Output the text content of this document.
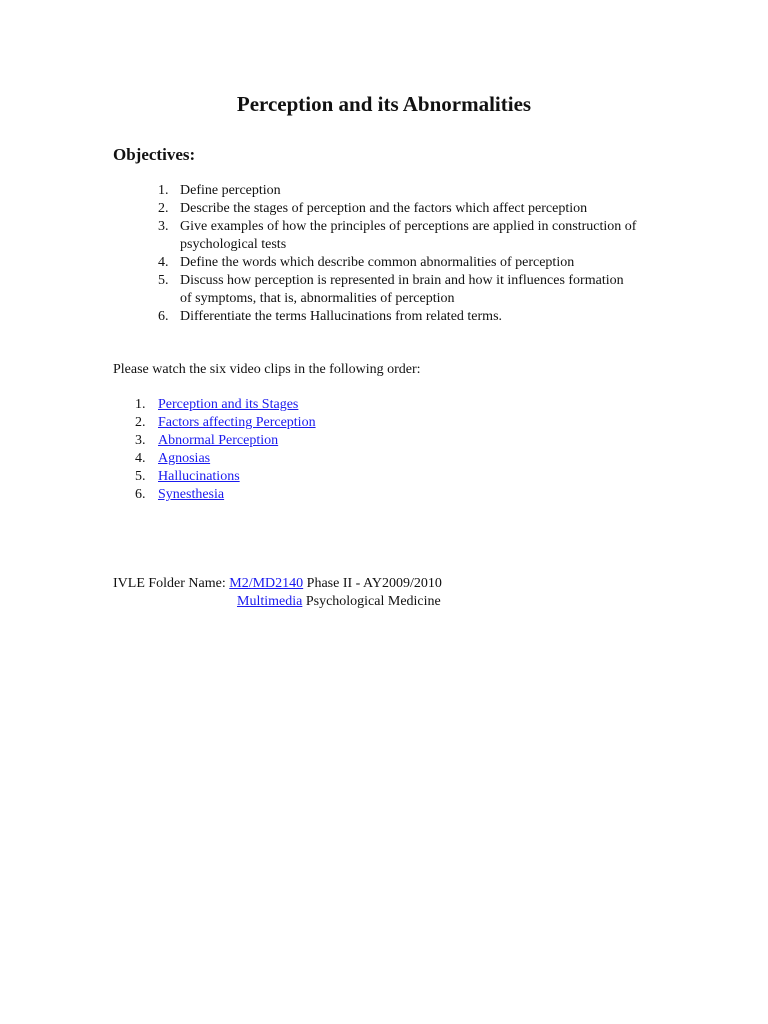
Perception and its Abnormalities
Objectives:
1. Define perception
2. Describe the stages of perception and the factors which affect perception
3. Give examples of how the principles of perceptions are applied in construction of psychological tests
4. Define the words which describe common abnormalities of perception
5. Discuss how perception is represented in brain and how it influences formation of symptoms, that is, abnormalities of perception
6. Differentiate the terms Hallucinations from related terms.

Please watch the six video clips in the following order:

1. Perception and its Stages
2. Factors affecting Perception
3. Abnormal Perception
4. Agnosias
5. Hallucinations
6. Synesthesia
IVLE Folder Name: M2/MD2140 Phase II - AY2009/2010
Multimedia Psychological Medicine
